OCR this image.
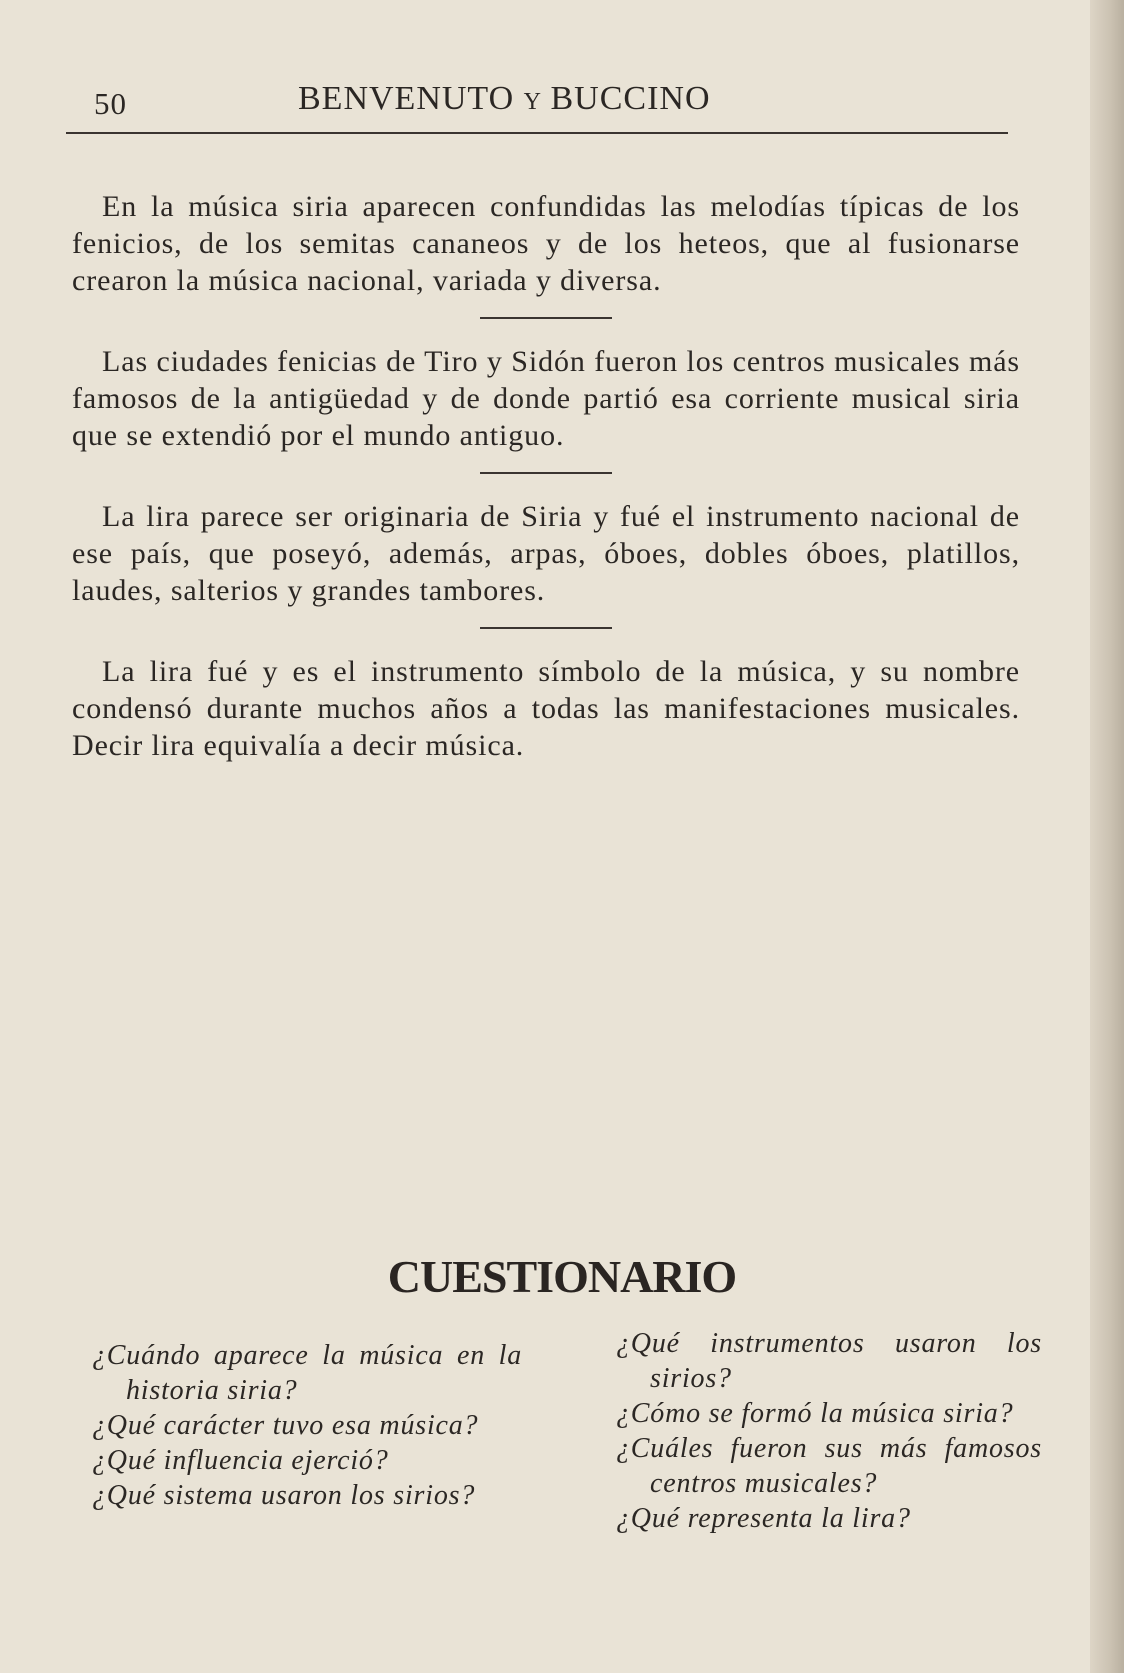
50	BENVENUTO Y BUCCINO

En la música siria aparecen confundidas las melodías típicas de los fenicios, de los semitas cananeos y de los heteos, que al fusionarse crearon la música nacional, variada y diversa.

Las ciudades fenicias de Tiro y Sidón fueron los centros musicales más famosos de la antigüedad y de donde partió esa corriente musical siria que se extendió por el mundo antiguo.

La lira parece ser originaria de Siria y fué el instrumento nacional de ese país, que poseyó, además, arpas, óboes, dobles óboes, platillos, laudes, salterios y grandes tambores.

La lira fué y es el instrumento símbolo de la música, y su nombre condensó durante muchos años a todas las manifestaciones musicales. Decir lira equivalía a decir música.

CUESTIONARIO

¿Cuándo aparece la música en la historia siria?

¿Qué carácter tuvo esa música?

¿Qué influencia ejerció?

¿Qué sistema usaron los sirios?

¿Qué instrumentos usaron los sirios?

¿Cómo se formó la música siria?

¿Cuáles fueron sus más famosos centros musicales?

¿Qué representa la lira?
